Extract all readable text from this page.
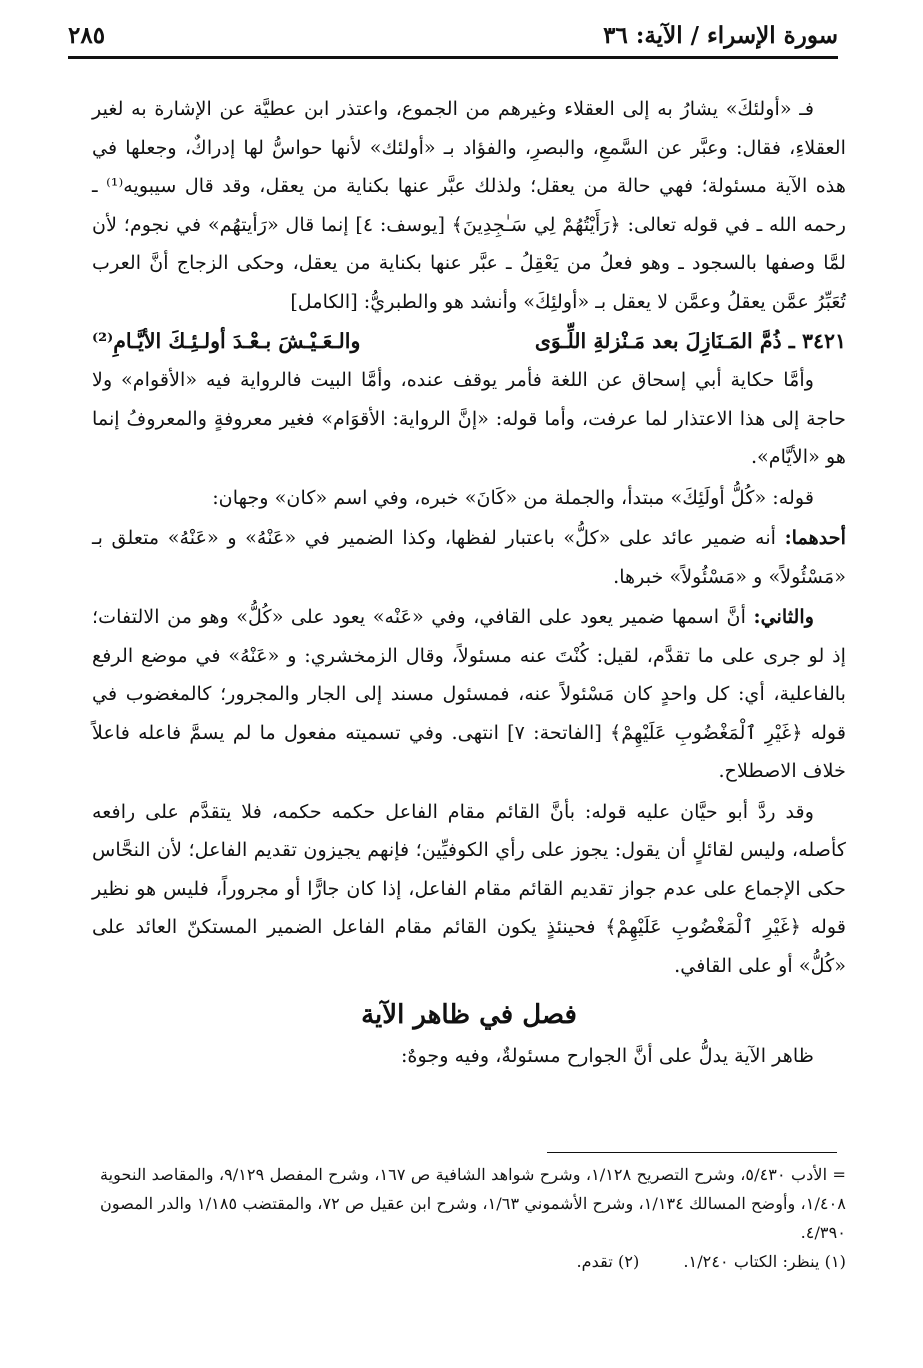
سورة الإسراء / الآية: ٣٦
٢٨٥

فـ «أولئكَ» يشارُ به إلى العقلاء وغيرهم من الجموع، واعتذر ابن عطيَّة عن الإشارة به لغير العقلاءِ، فقال: وعبَّر عن السَّمعِ، والبصرِ، والفؤاد بـ «أولئك» لأنها حواسُّ لها إدراكٌ، وجعلها في هذه الآية مسئولة؛ فهي حالة من يعقل؛ ولذلك عبَّر عنها بكناية من يعقل، وقد قال سيبويه⁽¹⁾ ـ رحمه الله ـ في قوله تعالى: ﴿رَأَيْتُهُمْ لِي سَـٰجِدِينَ﴾ [يوسف: ٤] إنما قال «رَأيتهُم» في نجوم؛ لأن لمَّا وصفها بالسجود ـ وهو فعلُ من يَعْقِلُ ـ عبَّر عنها بكناية من يعقل، وحكى الزجاج أنَّ العرب تُعَبِّرُ عمَّن يعقلُ وعمَّن لا يعقل بـ «أولئِكَ» وأنشد هو والطبريُّ: [الكامل]

٣٤٢١ ـ ذُمَّ المَـنَازِلَ بعد مَـنْزلةِ اللِّـوَى
والـعَـيْـشَ بـعْـدَ أولـئِـكَ الأيَّـامِ⁽²⁾

وأمَّا حكاية أبي إسحاق عن اللغة فأمر يوقف عنده، وأمَّا البيت فالرواية فيه «الأقوام» ولا حاجة إلى هذا الاعتذار لما عرفت، وأما قوله: «إنَّ الرواية: الأقوَام» فغير معروفةٍ والمعروفُ إنما هو «الأيَّام».

قوله: «كُلُّ أولَئِكَ» مبتدأ، والجملة من «كَانَ» خبره، وفي اسم «كان» وجهان:

أحدهما: أنه ضمير عائد على «كلُّ» باعتبار لفظها، وكذا الضمير في «عَنْهُ» و «عَنْهُ» متعلق بـ «مَسْئُولاً» و «مَسْئُولاً» خبرها.

والثاني: أنَّ اسمها ضمير يعود على القافي، وفي «عَنْه» يعود على «كُلُّ» وهو من الالتفات؛ إذ لو جرى على ما تقدَّم، لقيل: كُنْتَ عنه مسئولاً، وقال الزمخشري: و «عَنْهُ» في موضع الرفع بالفاعلية، أي: كل واحدٍ كان مَسْئولاً عنه، فمسئول مسند إلى الجار والمجرور؛ كالمغضوب في قوله ﴿غَيْرِ ٱلْمَغْضُوبِ عَلَيْهِمْ﴾ [الفاتحة: ٧] انتهى. وفي تسميته مفعول ما لم يسمَّ فاعله فاعلاً خلاف الاصطلاح.

وقد ردَّ أبو حيَّان عليه قوله: بأنَّ القائم مقام الفاعل حكمه حكمه، فلا يتقدَّم على رافعه كأصله، وليس لقائلٍ أن يقول: يجوز على رأي الكوفيِّين؛ فإنهم يجيزون تقديم الفاعل؛ لأن النحَّاس حكى الإجماع على عدم جواز تقديم القائم مقام الفاعل، إذا كان جارًّا أو مجروراً، فليس هو نظير قوله ﴿غَيْرِ ٱلْمَغْضُوبِ عَلَيْهِمْ﴾ فحينئذٍ يكون القائم مقام الفاعل الضمير المستكنّ العائد على «كُلُّ» أو على القافي.

فصل في ظاهر الآية

ظاهر الآية يدلُّ على أنَّ الجوارح مسئولةٌ، وفيه وجوهٌ:

= الأدب ٥/٤٣٠، وشرح التصريح ١/١٢٨، وشرح شواهد الشافية ص ١٦٧، وشرح المفصل ٩/١٢٩، والمقاصد النحوية ١/٤٠٨، وأوضح المسالك ١/١٣٤، وشرح الأشموني ١/٦٣، وشرح ابن عقيل ص ٧٢، والمقتضب ١/١٨٥ والدر المصون ٤/٣٩٠.

(١) ينظر: الكتاب ١/٢٤٠.
(٢) تقدم.
